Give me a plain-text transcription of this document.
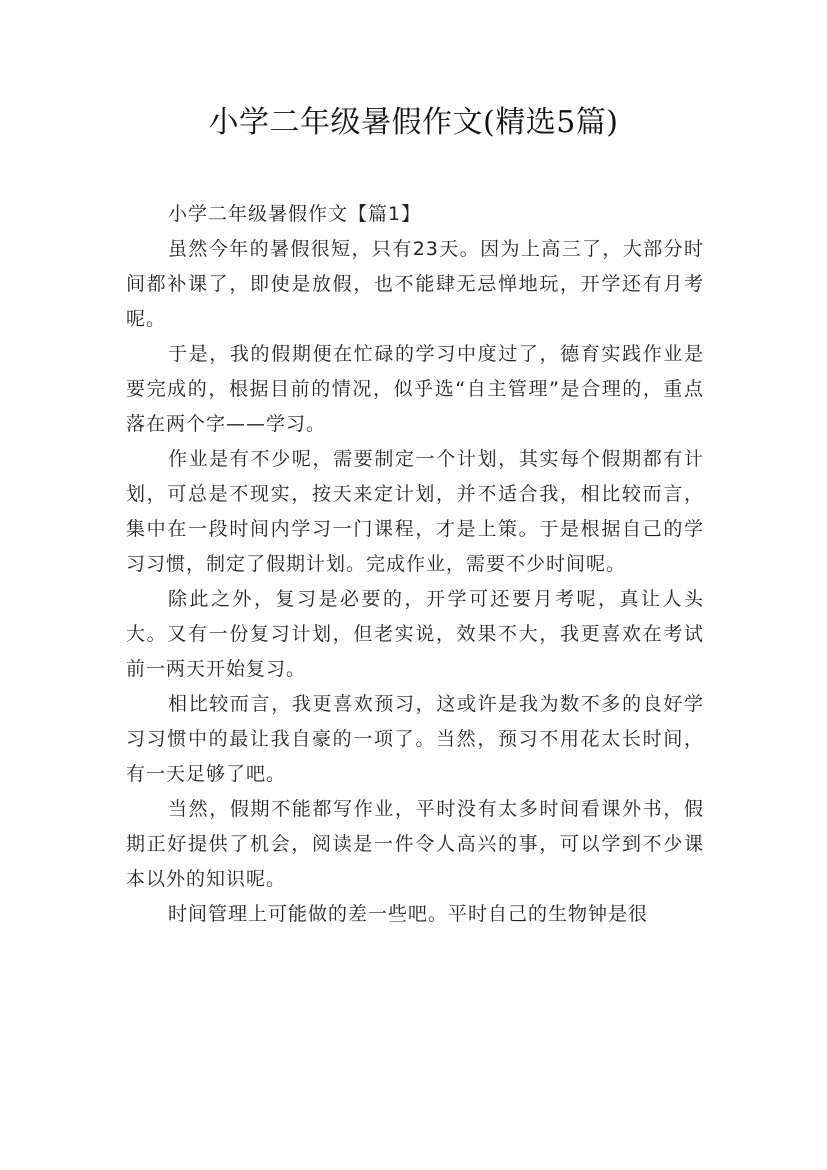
小学二年级暑假作文(精选5篇)

小学二年级暑假作文【篇1】

虽然今年的暑假很短，只有23天。因为上高三了，大部分时间都补课了，即使是放假，也不能肆无忌惮地玩，开学还有月考呢。

于是，我的假期便在忙碌的学习中度过了，德育实践作业是要完成的，根据目前的情况，似乎选“自主管理”是合理的，重点落在两个字——学习。

作业是有不少呢，需要制定一个计划，其实每个假期都有计划，可总是不现实，按天来定计划，并不适合我，相比较而言，集中在一段时间内学习一门课程，才是上策。于是根据自己的学习习惯，制定了假期计划。完成作业，需要不少时间呢。

除此之外，复习是必要的，开学可还要月考呢，真让人头大。又有一份复习计划，但老实说，效果不大，我更喜欢在考试前一两天开始复习。

相比较而言，我更喜欢预习，这或许是我为数不多的良好学习习惯中的最让我自豪的一项了。当然，预习不用花太长时间，有一天足够了吧。

当然，假期不能都写作业，平时没有太多时间看课外书，假期正好提供了机会，阅读是一件令人高兴的事，可以学到不少课本以外的知识呢。

时间管理上可能做的差一些吧。平时自己的生物钟是很
